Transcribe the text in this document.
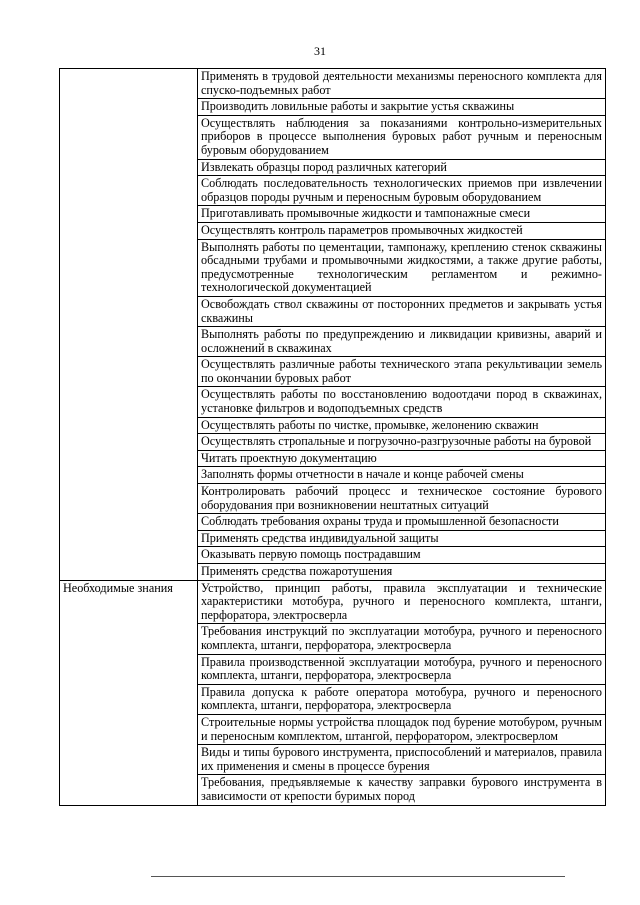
31
	Применять в трудовой деятельности механизмы переносного комплекта для спуско-подъемных работ
	Производить ловильные работы и закрытие устья скважины
	Осуществлять наблюдения за показаниями контрольно-измерительных приборов в процессе выполнения буровых работ ручным и переносным буровым оборудованием
	Извлекать образцы пород различных категорий
	Соблюдать последовательность технологических приемов при извлечении образцов породы ручным и переносным буровым оборудованием
	Приготавливать промывочные жидкости и тампонажные смеси
	Осуществлять контроль параметров промывочных жидкостей
	Выполнять работы по цементации, тампонажу, креплению стенок скважины обсадными трубами и промывочными жидкостями, а также другие работы, предусмотренные технологическим регламентом и режимно-технологической документацией
	Освобождать ствол скважины от посторонних предметов и закрывать устья скважины
	Выполнять работы по предупреждению и ликвидации кривизны, аварий и осложнений в скважинах
	Осуществлять различные работы технического этапа рекультивации земель по окончании буровых работ
	Осуществлять работы по восстановлению водоотдачи пород в скважинах, установке фильтров и водоподъемных средств
	Осуществлять работы по чистке, промывке, желонению скважин
	Осуществлять стропальные и погрузочно-разгрузочные работы на буровой
	Читать проектную документацию
	Заполнять формы отчетности в начале и конце рабочей смены
	Контролировать рабочий процесс и техническое состояние бурового оборудования при возникновении нештатных ситуаций
	Соблюдать требования охраны труда и промышленной безопасности
	Применять средства индивидуальной защиты
	Оказывать первую помощь пострадавшим
	Применять средства пожаротушения
Необходимые знания	Устройство, принцип работы, правила эксплуатации и технические характеристики мотобура, ручного и переносного комплекта, штанги, перфоратора, электросверла
	Требования инструкций по эксплуатации мотобура, ручного и переносного комплекта, штанги, перфоратора, электросверла
	Правила производственной эксплуатации мотобура, ручного и переносного комплекта, штанги, перфоратора, электросверла
	Правила допуска к работе оператора мотобура, ручного и переносного комплекта, штанги, перфоратора, электросверла
	Строительные нормы устройства площадок под бурение мотобуром, ручным и переносным комплектом, штангой, перфоратором, электросверлом
	Виды и типы бурового инструмента, приспособлений и материалов, правила их применения и смены в процессе бурения
	Требования, предъявляемые к качеству заправки бурового инструмента в зависимости от крепости буримых пород
